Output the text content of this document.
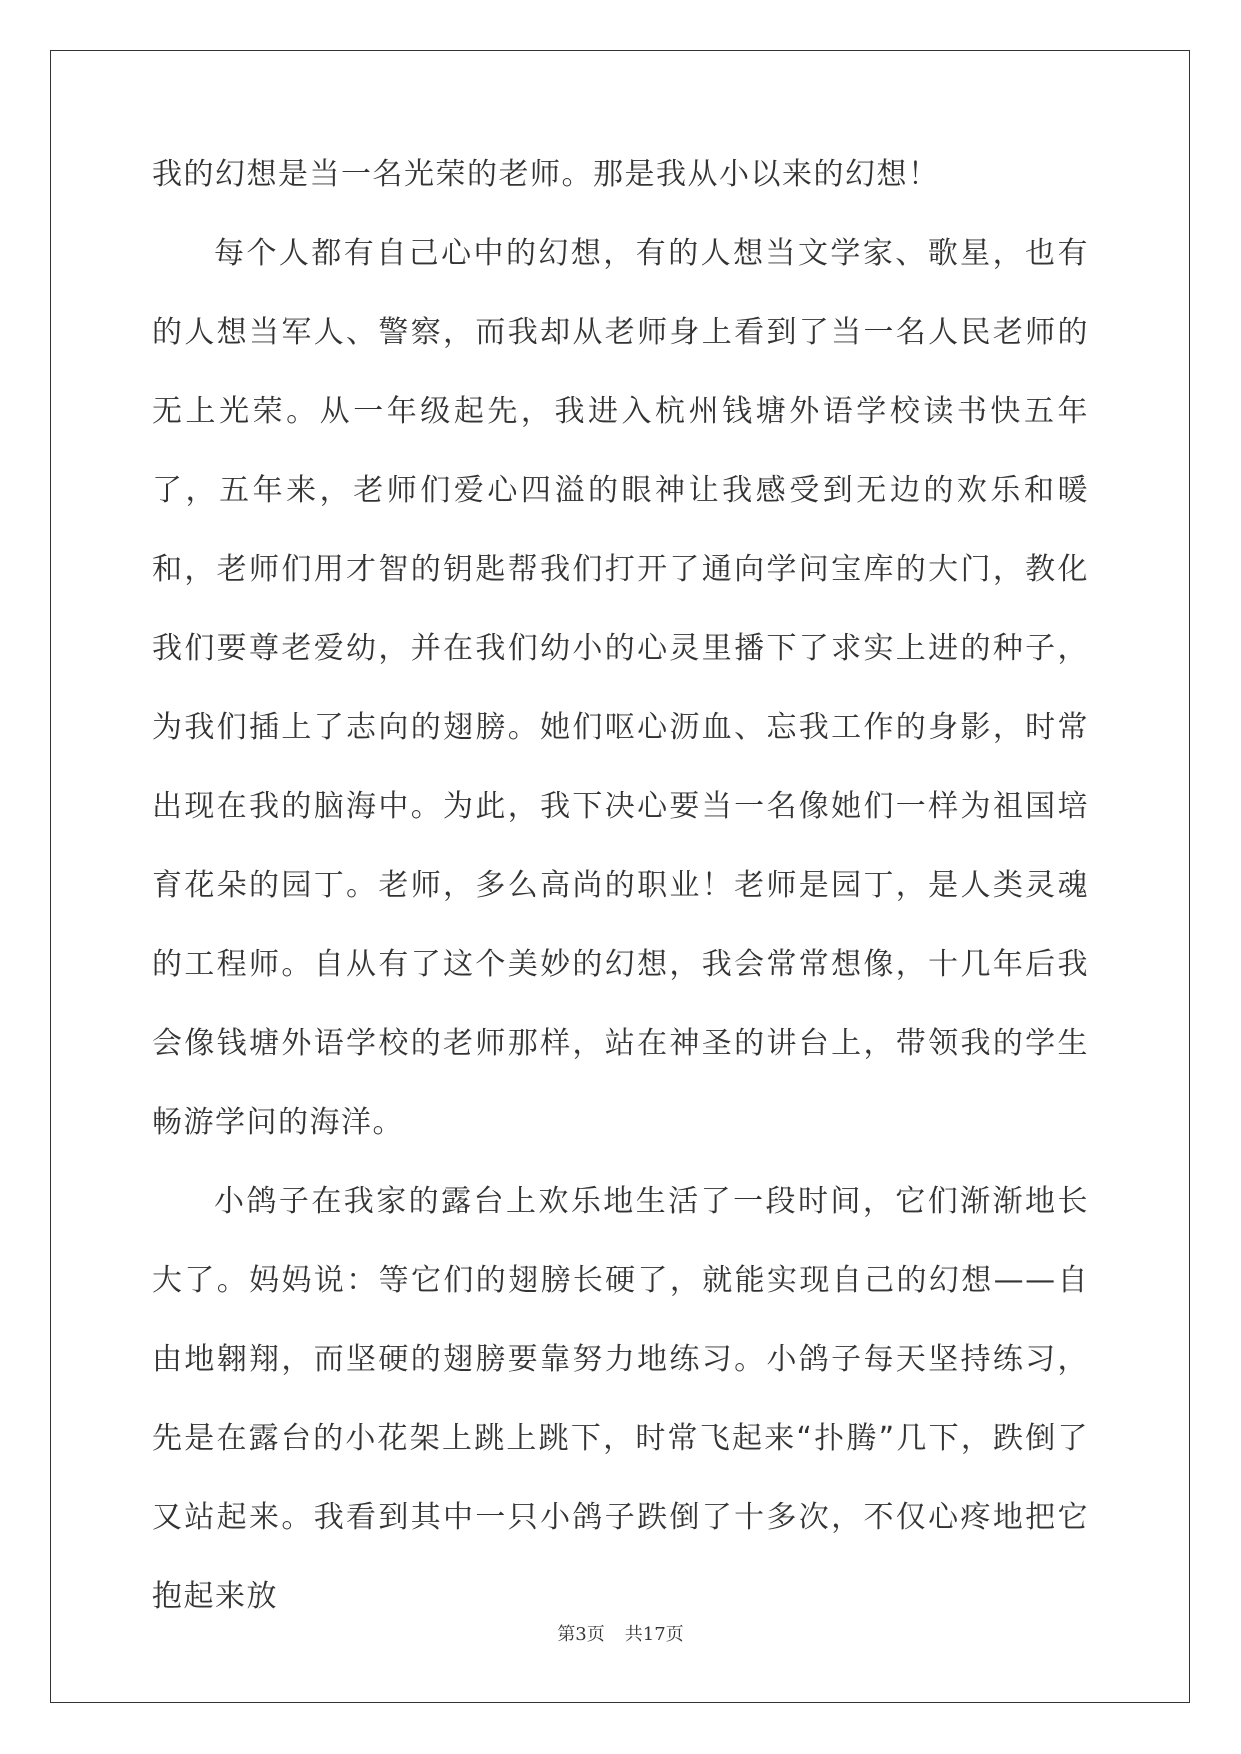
我的幻想是当一名光荣的老师。那是我从小以来的幻想！

每个人都有自己心中的幻想，有的人想当文学家、歌星，也有的人想当军人、警察，而我却从老师身上看到了当一名人民老师的无上光荣。从一年级起先，我进入杭州钱塘外语学校读书快五年了，五年来，老师们爱心四溢的眼神让我感受到无边的欢乐和暖和，老师们用才智的钥匙帮我们打开了通向学问宝库的大门，教化我们要尊老爱幼，并在我们幼小的心灵里播下了求实上进的种子，为我们插上了志向的翅膀。她们呕心沥血、忘我工作的身影，时常出现在我的脑海中。为此，我下决心要当一名像她们一样为祖国培育花朵的园丁。老师，多么高尚的职业！老师是园丁，是人类灵魂的工程师。自从有了这个美妙的幻想，我会常常想像，十几年后我会像钱塘外语学校的老师那样，站在神圣的讲台上，带领我的学生畅游学问的海洋。

小鸽子在我家的露台上欢乐地生活了一段时间，它们渐渐地长大了。妈妈说：等它们的翅膀长硬了，就能实现自己的幻想——自由地翱翔，而坚硬的翅膀要靠努力地练习。小鸽子每天坚持练习，先是在露台的小花架上跳上跳下，时常飞起来“扑腾”几下，跌倒了又站起来。我看到其中一只小鸽子跌倒了十多次，不仅心疼地把它抱起来放

第3页 共17页
